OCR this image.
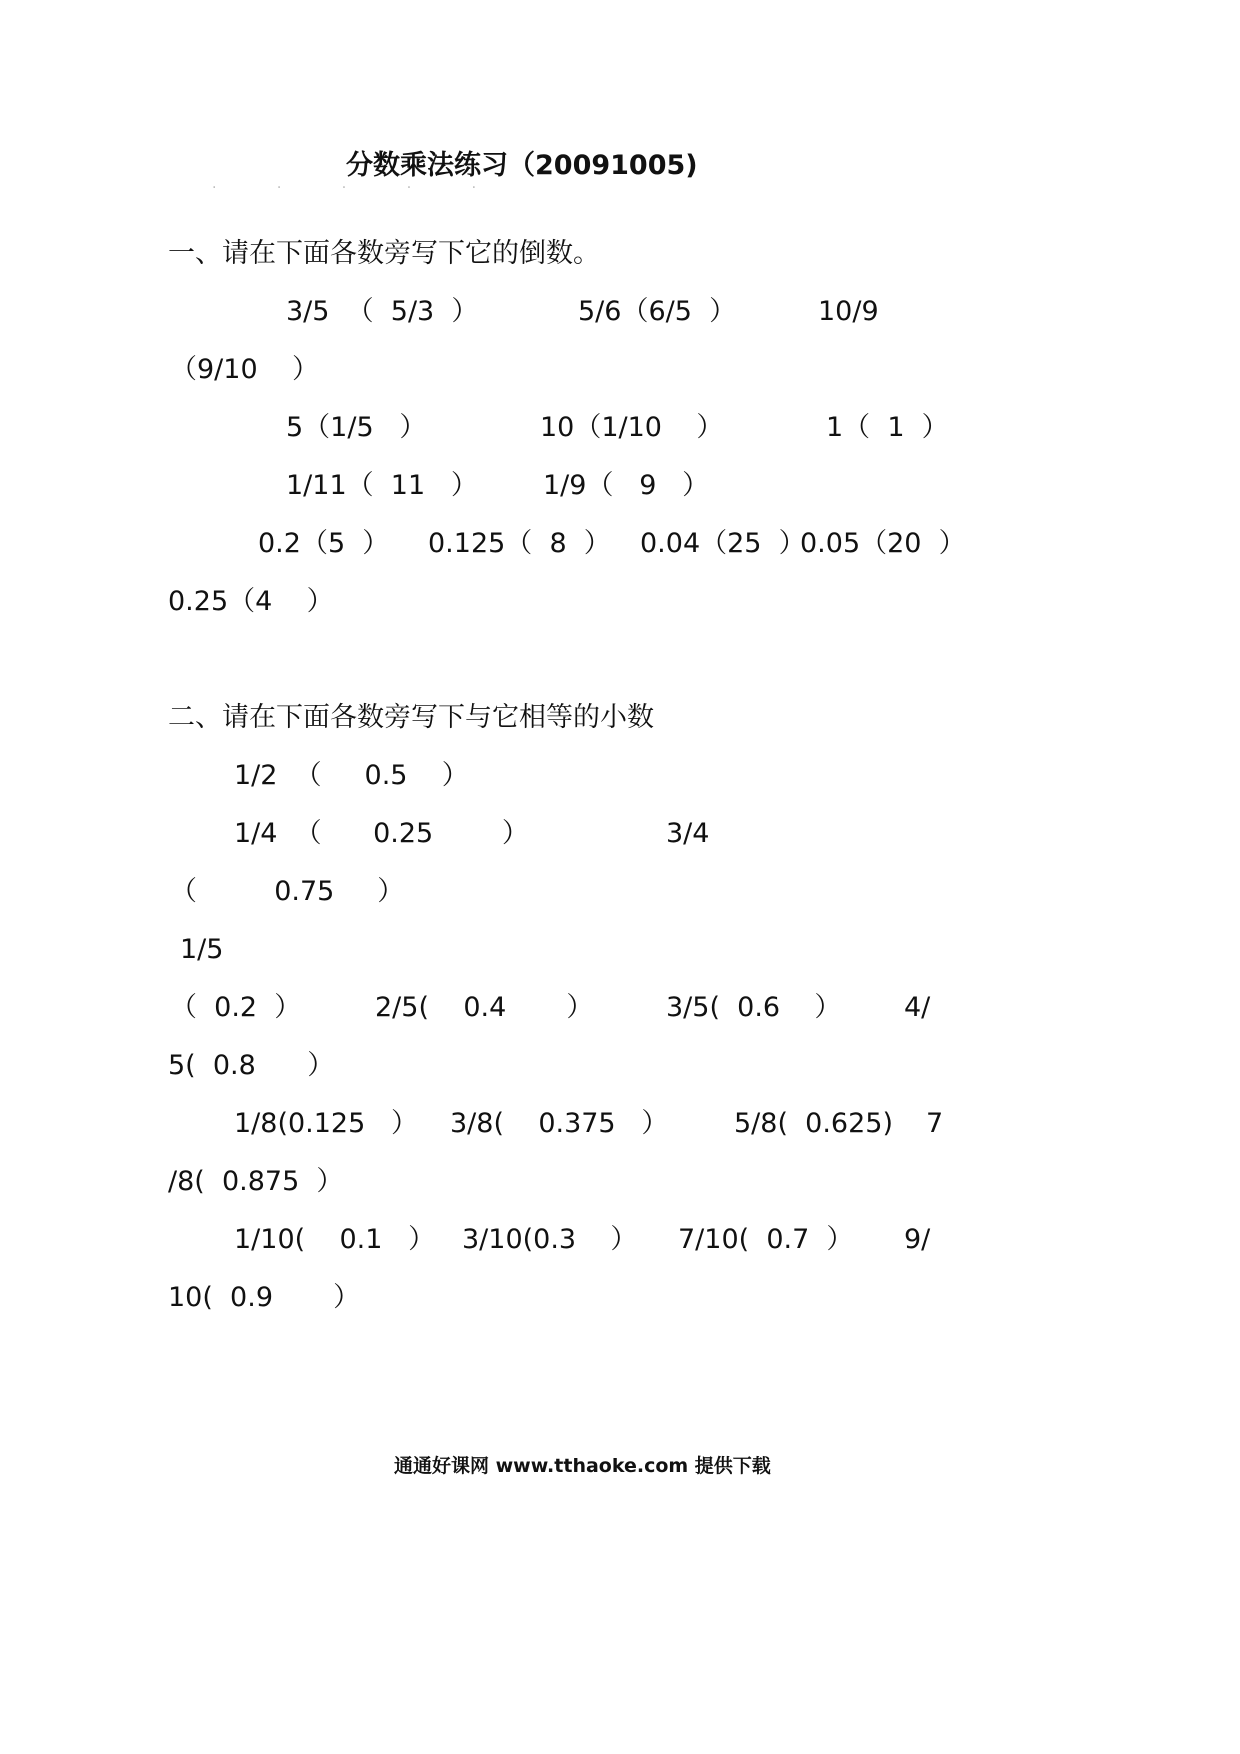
. . . . .
分数乘法练习（20091005)
一、请在下面各数旁写下它的倒数。
3/5  （  5/3  ）	5/6（6/5  ）	10/9
（9/10    ）
5（1/5   ）	10（1/10    ）	1（  1  ）
1/11（  11   ） 1/9（   9   ）
0.2（5  ） 0.125（  8  ） 0.04（25  ）
0.05（20  ）
0.25（4    ）
二、请在下面各数旁写下与它相等的小数
1/2  （     0.5    ）
1/4  （      0.25        ）	3/4
（         0.75     ）
1/5
（  0.2  ）	2/5(    0.4       ）	3/5(  0.6    ） 4/
5(  0.8      ）
1/8(0.125   ） 3/8(    0.375   ） 5/8(  0.625) 7
/8(  0.875  ）
1/10(    0.1   ） 3/10(0.3    ） 7/10(  0.7  ） 9/
10(  0.9       ）
通通好课网 www.tthaoke.com 提供下载
